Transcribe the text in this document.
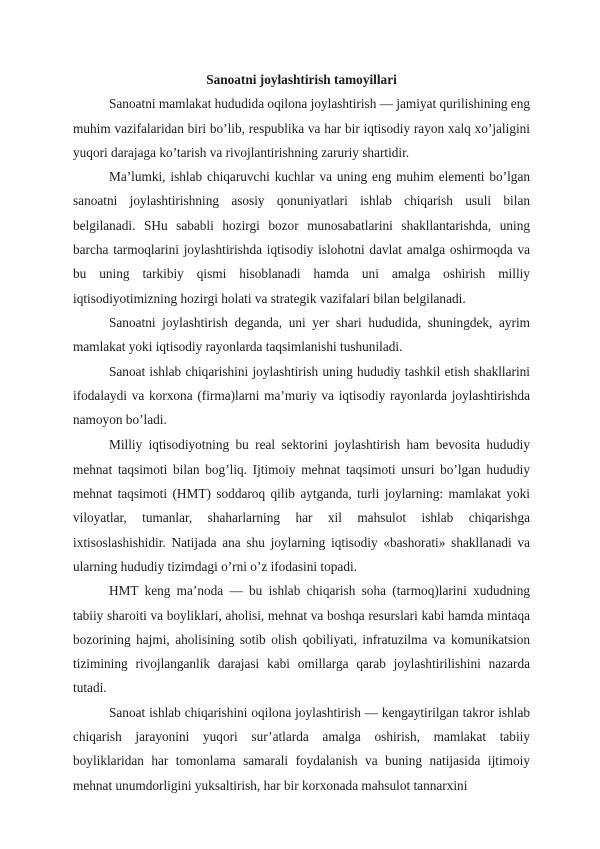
Sanoatni joylashtirish tamoyillari

Sanoatni mamlakat hududida oqilona joylashtirish — jamiyat qurilishining eng muhim vazifalaridan biri bo’lib, respublika va har bir iqtisodiy rayon xalq xo’jaligini yuqori darajaga ko’tarish va rivojlantirishning zaruriy shartidir.

Ma’lumki, ishlab chiqaruvchi kuchlar va uning eng muhim elementi bo’lgan sanoatni joylashtirishning asosiy qonuniyatlari ishlab chiqarish usuli bilan belgilanadi. SHu sababli hozirgi bozor munosabatlarini shakllantarishda, uning barcha tarmoqlarini joylashtirishda iqtisodiy islohotni davlat amalga oshirmoqda va bu uning tarkibiy qismi hisoblanadi hamda uni amalga oshirish milliy iqtisodiyotimizning hozirgi holati va strategik vazifalari bilan belgilanadi.

Sanoatni joylashtirish deganda, uni yer shari hududida, shuningdek, ayrim mamlakat yoki iqtisodiy rayonlarda taqsimlanishi tushuniladi.

Sanoat ishlab chiqarishini joylashtirish uning hududiy tashkil etish shakllarini ifodalaydi va korxona (firma)larni ma’muriy va iqtisodiy rayonlarda joylashtirishda namoyon bo’ladi.

Milliy iqtisodiyotning bu real sektorini joylashtirish ham bevosita hududiy mehnat taqsimoti bilan bog’liq. Ijtimoiy mehnat taqsimoti unsuri bo’lgan hududiy mehnat taqsimoti (HMT) soddaroq qilib aytganda, turli joylarning: mamlakat yoki viloyatlar, tumanlar, shaharlarning har xil mahsulot ishlab chiqarishga ixtisoslashishidir. Natijada ana shu joylarning iqtisodiy «bashorati» shakllanadi va ularning hududiy tizimdagi o’rni o’z ifodasini topadi.

HMT keng ma’noda — bu ishlab chiqarish soha (tarmoq)larini xududning tabiiy sharoiti va boyliklari, aholisi, mehnat va boshqa resurslari kabi hamda mintaqa bozorining hajmi, aholisining sotib olish qobiliyati, infratuzilma va komunikatsion tizimining rivojlanganlik darajasi kabi omillarga qarab joylashtirilishini nazarda tutadi.

Sanoat ishlab chiqarishini oqilona joylashtirish — kengaytirilgan takror ishlab chiqarish jarayonini yuqori sur’atlarda amalga oshirish, mamlakat tabiiy boyliklaridan har tomonlama samarali foydalanish va buning natijasida ijtimoiy mehnat unumdorligini yuksaltirish, har bir korxonada mahsulot tannarxini
